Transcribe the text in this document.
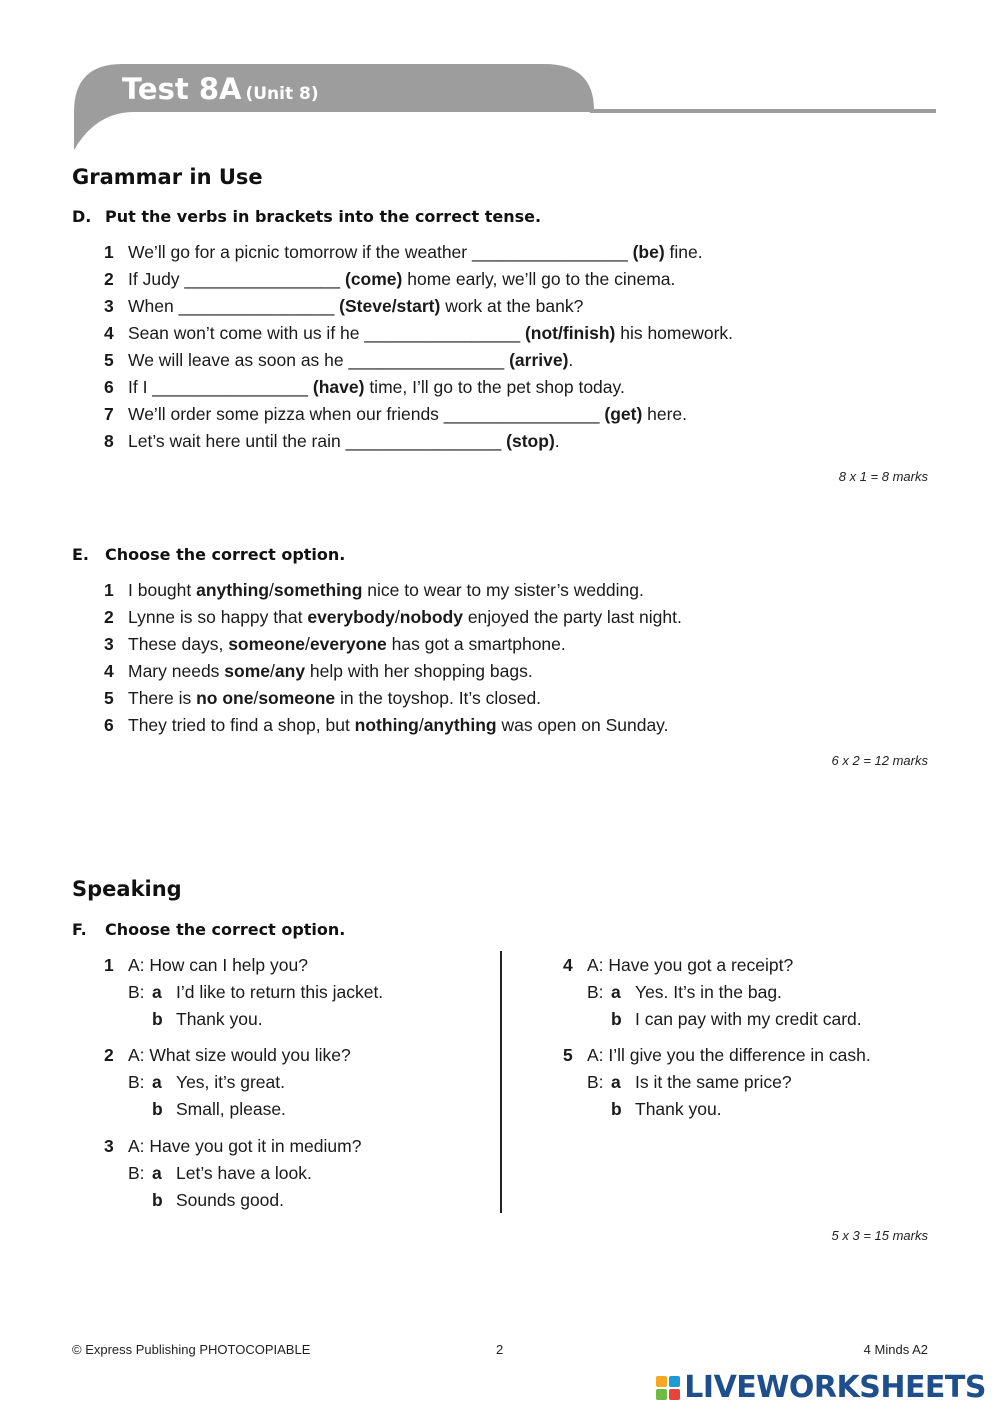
Test 8A (Unit 8)
Grammar in Use
D. Put the verbs in brackets into the correct tense.
1 We’ll go for a picnic tomorrow if the weather ________________ (be) fine.
2 If Judy ________________ (come) home early, we’ll go to the cinema.
3 When ________________ (Steve/start) work at the bank?
4 Sean won’t come with us if he ________________ (not/finish) his homework.
5 We will leave as soon as he ________________ (arrive).
6 If I ________________ (have) time, I’ll go to the pet shop today.
7 We’ll order some pizza when our friends ________________ (get) here.
8 Let’s wait here until the rain ________________ (stop).
8 x 1 = 8 marks
E. Choose the correct option.
1 I bought anything/something nice to wear to my sister’s wedding.
2 Lynne is so happy that everybody/nobody enjoyed the party last night.
3 These days, someone/everyone has got a smartphone.
4 Mary needs some/any help with her shopping bags.
5 There is no one/someone in the toyshop. It’s closed.
6 They tried to find a shop, but nothing/anything was open on Sunday.
6 x 2 = 12 marks
Speaking
F. Choose the correct option.
1 A: How can I help you?
B: a I’d like to return this jacket.
b Thank you.
2 A: What size would you like?
B: a Yes, it’s great.
b Small, please.
3 A: Have you got it in medium?
B: a Let’s have a look.
b Sounds good.
4 A: Have you got a receipt?
B: a Yes. It’s in the bag.
b I can pay with my credit card.
5 A: I’ll give you the difference in cash.
B: a Is it the same price?
b Thank you.
5 x 3 = 15 marks
© Express Publishing PHOTOCOPIABLE	2	4 Minds A2
LIVEWORKSHEETS
